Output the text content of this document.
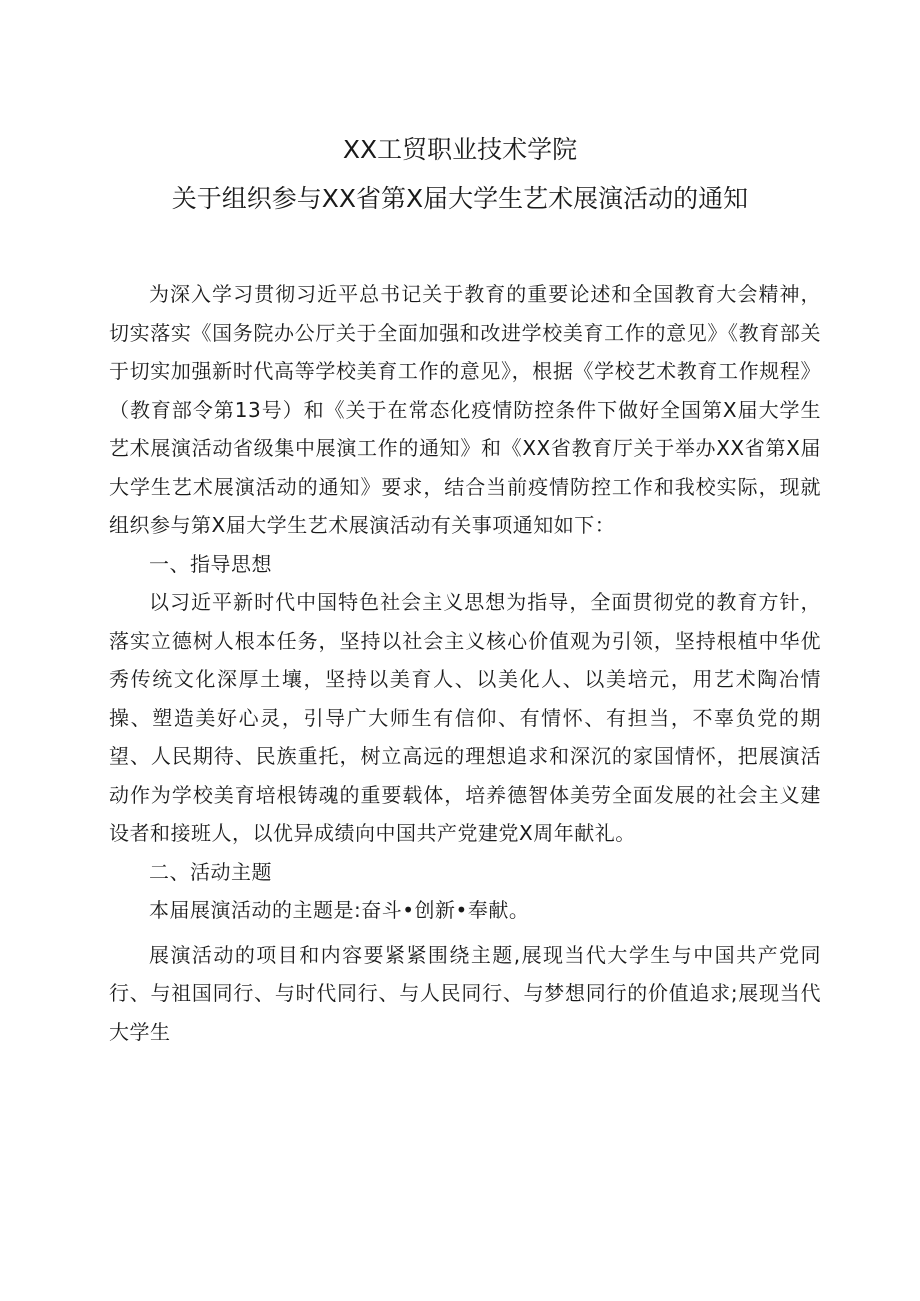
XX工贸职业技术学院
关于组织参与XX省第X届大学生艺术展演活动的通知

为深入学习贯彻习近平总书记关于教育的重要论述和全国教育大会精神，切实落实《国务院办公厅关于全面加强和改进学校美育工作的意见》《教育部关于切实加强新时代高等学校美育工作的意见》，根据《学校艺术教育工作规程》（教育部令第13号）和《关于在常态化疫情防控条件下做好全国第X届大学生艺术展演活动省级集中展演工作的通知》和《XX省教育厅关于举办XX省第X届大学生艺术展演活动的通知》要求，结合当前疫情防控工作和我校实际，现就组织参与第X届大学生艺术展演活动有关事项通知如下：

一、指导思想

以习近平新时代中国特色社会主义思想为指导，全面贯彻党的教育方针，落实立德树人根本任务，坚持以社会主义核心价值观为引领，坚持根植中华优秀传统文化深厚土壤，坚持以美育人、以美化人、以美培元，用艺术陶冶情操、塑造美好心灵，引导广大师生有信仰、有情怀、有担当，不辜负党的期望、人民期待、民族重托，树立高远的理想追求和深沉的家国情怀，把展演活动作为学校美育培根铸魂的重要载体，培养德智体美劳全面发展的社会主义建设者和接班人，以优异成绩向中国共产党建党X周年献礼。

二、活动主题

本届展演活动的主题是:奋斗•创新•奉献。

展演活动的项目和内容要紧紧围绕主题,展现当代大学生与中国共产党同行、与祖国同行、与时代同行、与人民同行、与梦想同行的价值追求;展现当代大学生
